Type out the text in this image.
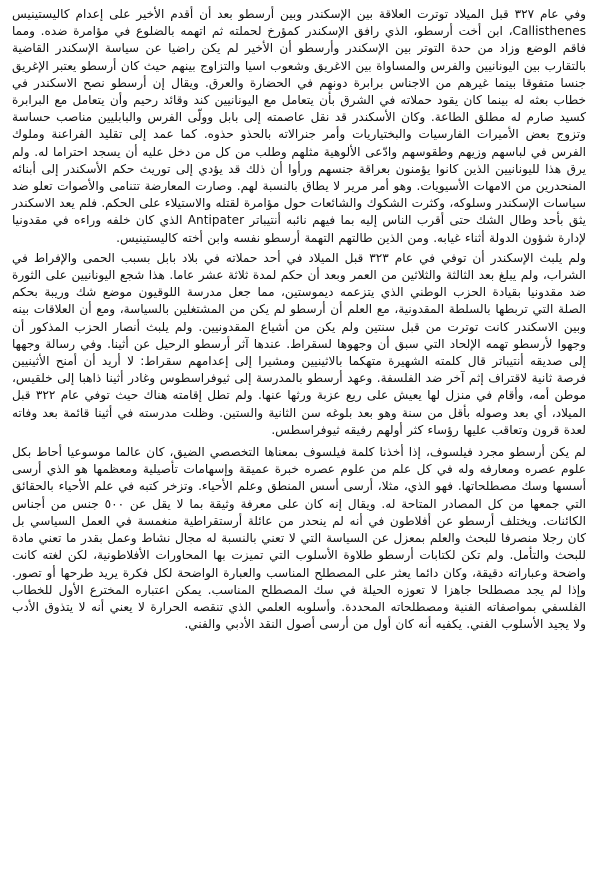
وفي عام ٣٢٧ قبل الميلاد توترت العلاقة بين الإسكندر وبين أرسطو بعد أن أقدم الأخير على إعدام كاليستينيس Callisthenes، ابن أخت أرسطو، الذي رافق الإسكندر كمؤرخ لحملته ثم اتهمه بالضلوع في مؤامرة ضده. ومما فاقم الوضع وزاد من حدة التوتر بين الإسكندر وأرسطو أن الأخير لم يكن راضيا عن سياسة الإسكندر القاضية بالتقارب بين اليونانيين والفرس والمساواة بين الاغريق وشعوب اسيا والتزاوج بينهم حيث كان أرسطو يعتبر الإغريق جنسا متفوقا بينما غيرهم من الاجناس برابرة دونهم في الحضارة والعرق. ويقال إن أرسطو نصح الاسكندر في خطاب بعثه له بينما كان يقود حملاته في الشرق بأن يتعامل مع اليونانيين كند وقائد رحيم وأن يتعامل مع البرابرة كسيد صارم له مطلق الطاعة. وكان الأسكندر قد نقل عاصمته إلى بابل وولّى الفرس والبابليين مناصب حساسة وتزوج بعض الأميرات الفارسيات والبختياريات وأمر جنرالاته بالحذو حذوه. كما عمد إلى تقليد الفراعنة وملوك الفرس في لباسهم وزيهم وطقوسهم وادّعى الألوهية مثلهم وطلب من كل من دخل عليه أن يسجد احتراما له. ولم يرق هذا لليونانيين الذين كانوا يؤمنون بعراقة جنسهم ورأوا أن ذلك قد يؤدي إلى توريث حكم الأسكندر إلى أبنائه المنحدرين من الامهات الأسيويات. وهو أمر مرير لا يطاق بالنسبة لهم. وصارت المعارضة تتنامى والأصوات تعلو ضد سياسات الإسكندر وسلوكه، وكثرت الشكوك والشائعات حول مؤامرة لقتله والاستيلاء على الحكم. فلم يعد الاسكندر يثق بأحد وطال الشك حتى أقرب الناس إليه بما فيهم نائبه أنتيباتر Antipater الذي كان خلفه وراءه في مقدونيا لإدارة شؤون الدولة أثناء غيابه. ومن الذين طالتهم التهمة أرسطو نفسه وابن أخته كاليستينيس.

ولم يلبث الإسكندر أن توفي في عام ٣٢٣ قبل الميلاد في أحد حملاته في بلاد بابل بسبب الحمى والإفراط في الشراب، ولم يبلغ بعد الثالثة والثلاثين من العمر وبعد أن حكم لمدة ثلاثة عشر عاما. هذا شجع اليونانيين على الثورة ضد مقدونيا بقيادة الحزب الوطني الذي يتزعمه ديموستين، مما جعل مدرسة اللوقيون موضع شك وريبة بحكم الصلة التي تربطها بالسلطة المقدونية، مع العلم أن أرسطو لم يكن من المشتغلين بالسياسة، ومع أن العلاقات بينه وبين الاسكندر كانت توترت من قبل سنتين ولم يكن من أشياع المقدونيين. ولم يلبث أنصار الحزب المذكور أن وجهوا لأرسطو تهمه الإلحاد التي سبق أن وجهوها لسقراط. عندها آثر أرسطو الرحيل عن أثينا. وفي رسالة وجهها إلى صديقه أنتيباتر قال كلمته الشهيرة متهكما بالاثينيين ومشيرا إلى إعدامهم سقراط: لا أريد أن أمنح الأثينيين فرصة ثانية لاقتراف إثم آخر ضد الفلسفة. وعهد أرسطو بالمدرسة إلى ثيوفراسطوس وغادر أثينا ذاهبا إلى خلقيس، موطن أمه، وأقام في منزل لها يعيش على ريع عزبة ورثها عنها. ولم تطل إقامته هناك حيث توفي عام ٣٢٢ قبل الميلاد، أي بعد وصوله بأقل من سنة وهو بعد بلوغه سن الثانية والستين. وظلت مدرسته في أثينا قائمة بعد وفاته لعدة قرون وتعاقب عليها رؤساء كثر أولهم رفيقه ثيوفراسطس.

لم يكن أرسطو مجرد فيلسوف، إذا أخذنا كلمة فيلسوف بمعناها التخصصي الضيق، كان عالما موسوعيا أحاط بكل علوم عصره ومعارفه وله في كل علم من علوم عصره خبرة عميقة وإسهامات تأصيلية ومعظمها هو الذي أرسى أسسها وسك مصطلحاتها. فهو الذي، مثلا، أرسى أسس المنطق وعلم الأحياء. وتزخر كتبه في علم الأحياء بالحقائق التي جمعها من كل المصادر المتاحة له. ويقال إنه كان على معرفة وثيقة بما لا يقل عن ٥٠٠ جنس من أجناس الكائنات. ويختلف أرسطو عن أفلاطون في أنه لم ينحدر من عائلة أرستقراطية منغمسة في العمل السياسي بل كان رجلا منصرفا للبحث والعلم بمعزل عن السياسة التي لا تعني بالنسبة له مجال نشاط وعمل بقدر ما تعني مادة للبحث والتأمل. ولم تكن لكتابات أرسطو طلاوة الأسلوب التي تميزت بها المحاورات الأفلاطونية، لكن لغته كانت واضحة وعباراته دقيقة، وكان دائما يعثر على المصطلح المناسب والعبارة الواضحة لكل فكرة يريد طرحها أو تصور. وإذا لم يجد مصطلحا جاهزا لا تعوزه الحيلة في سك المصطلح المناسب. يمكن اعتباره المخترع الأول للخطاب الفلسفي بمواصفاته الفنية ومصطلحاته المحددة. وأسلوبه العلمي الذي تنقصه الحرارة لا يعني أنه لا يتذوق الأدب ولا يجيد الأسلوب الفني. يكفيه أنه كان أول من أرسى أصول النقد الأدبي والفني.
